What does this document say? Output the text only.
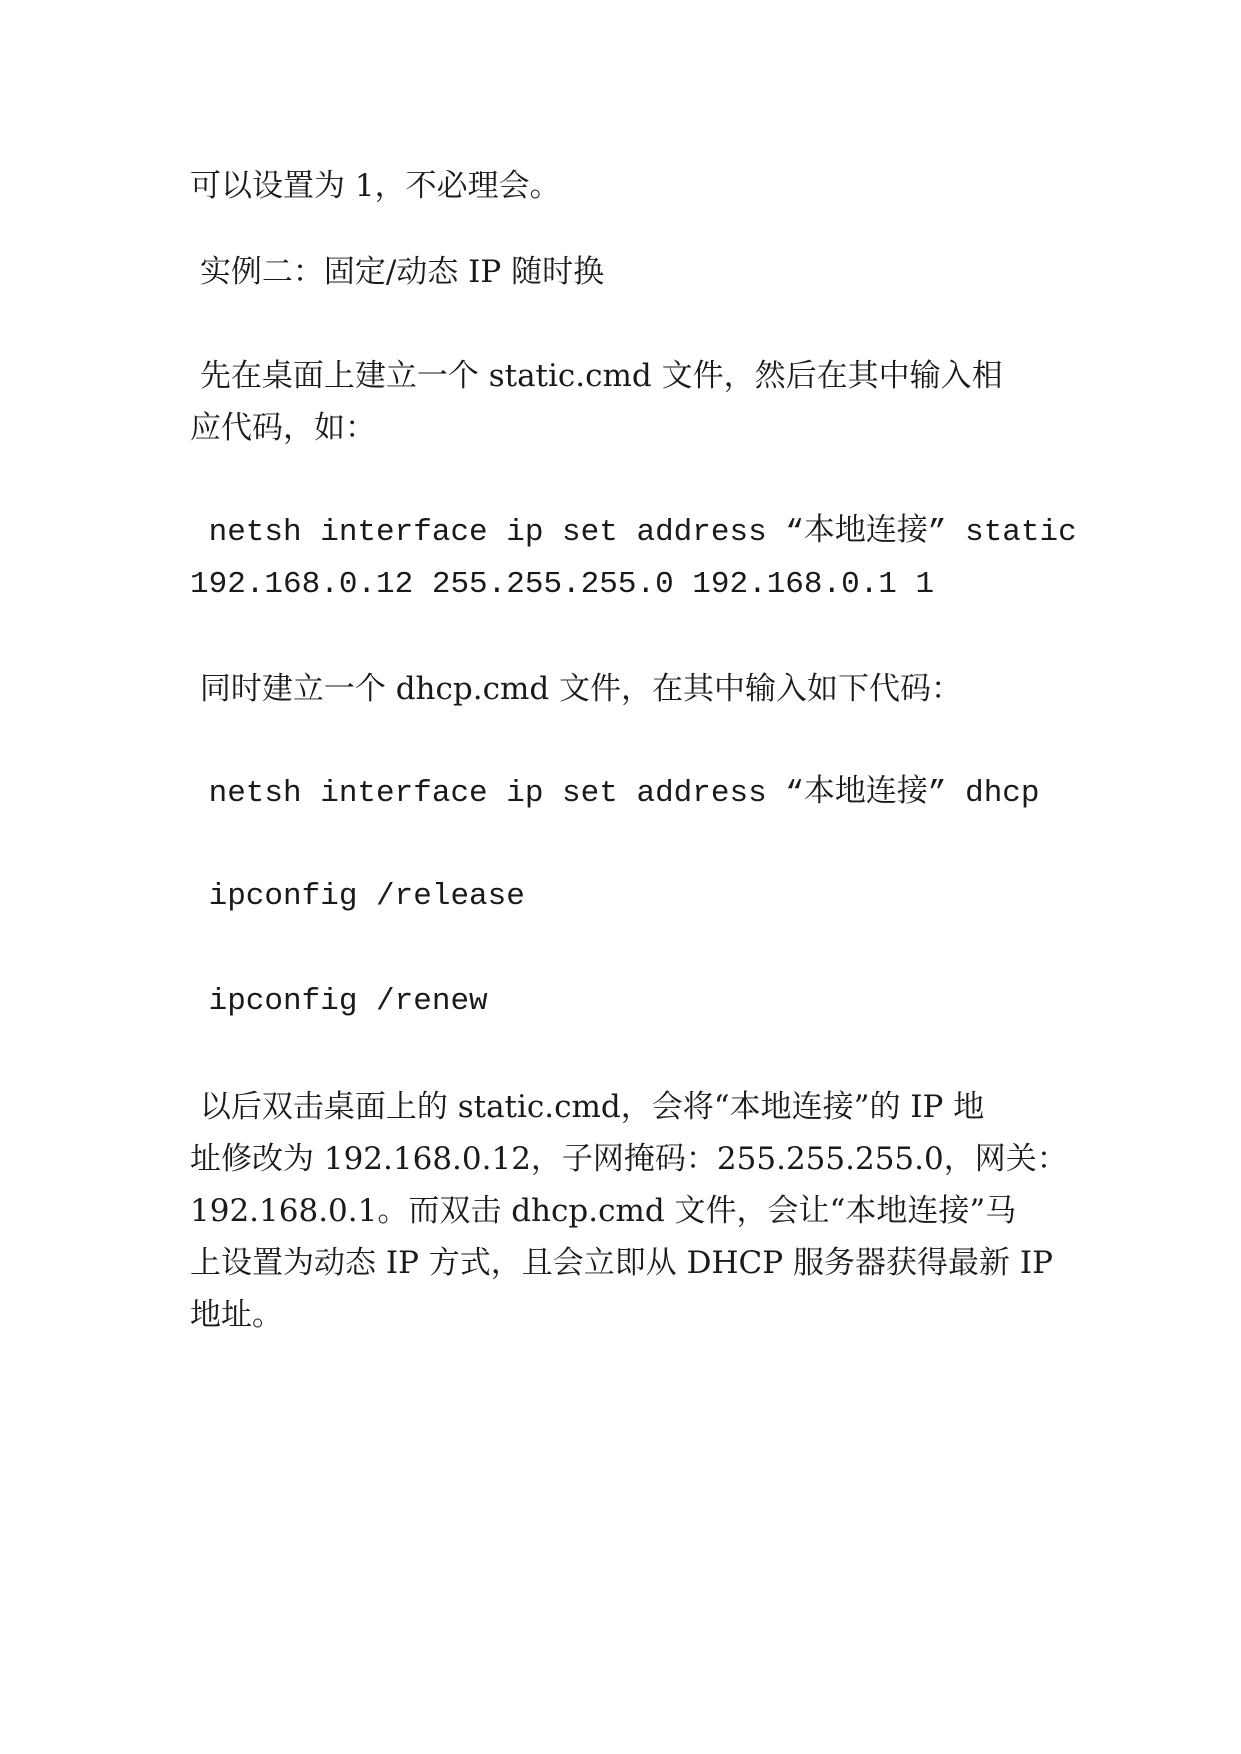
可以设置为 1，不必理会。

实例二：固定/动态 IP 随时换

先在桌面上建立一个 static.cmd 文件，然后在其中输入相

应代码，如：

netsh interface ip set address “本地连接” static

192.168.0.12 255.255.255.0 192.168.0.1 1

同时建立一个 dhcp.cmd 文件，在其中输入如下代码：

netsh interface ip set address “本地连接” dhcp

ipconfig /release

ipconfig /renew

以后双击桌面上的 static.cmd，会将“本地连接”的 IP 地

址修改为 192.168.0.12，子网掩码：255.255.255.0，网关：

192.168.0.1。而双击 dhcp.cmd 文件，会让“本地连接”马

上设置为动态 IP 方式，且会立即从 DHCP 服务器获得最新 IP

地址。
